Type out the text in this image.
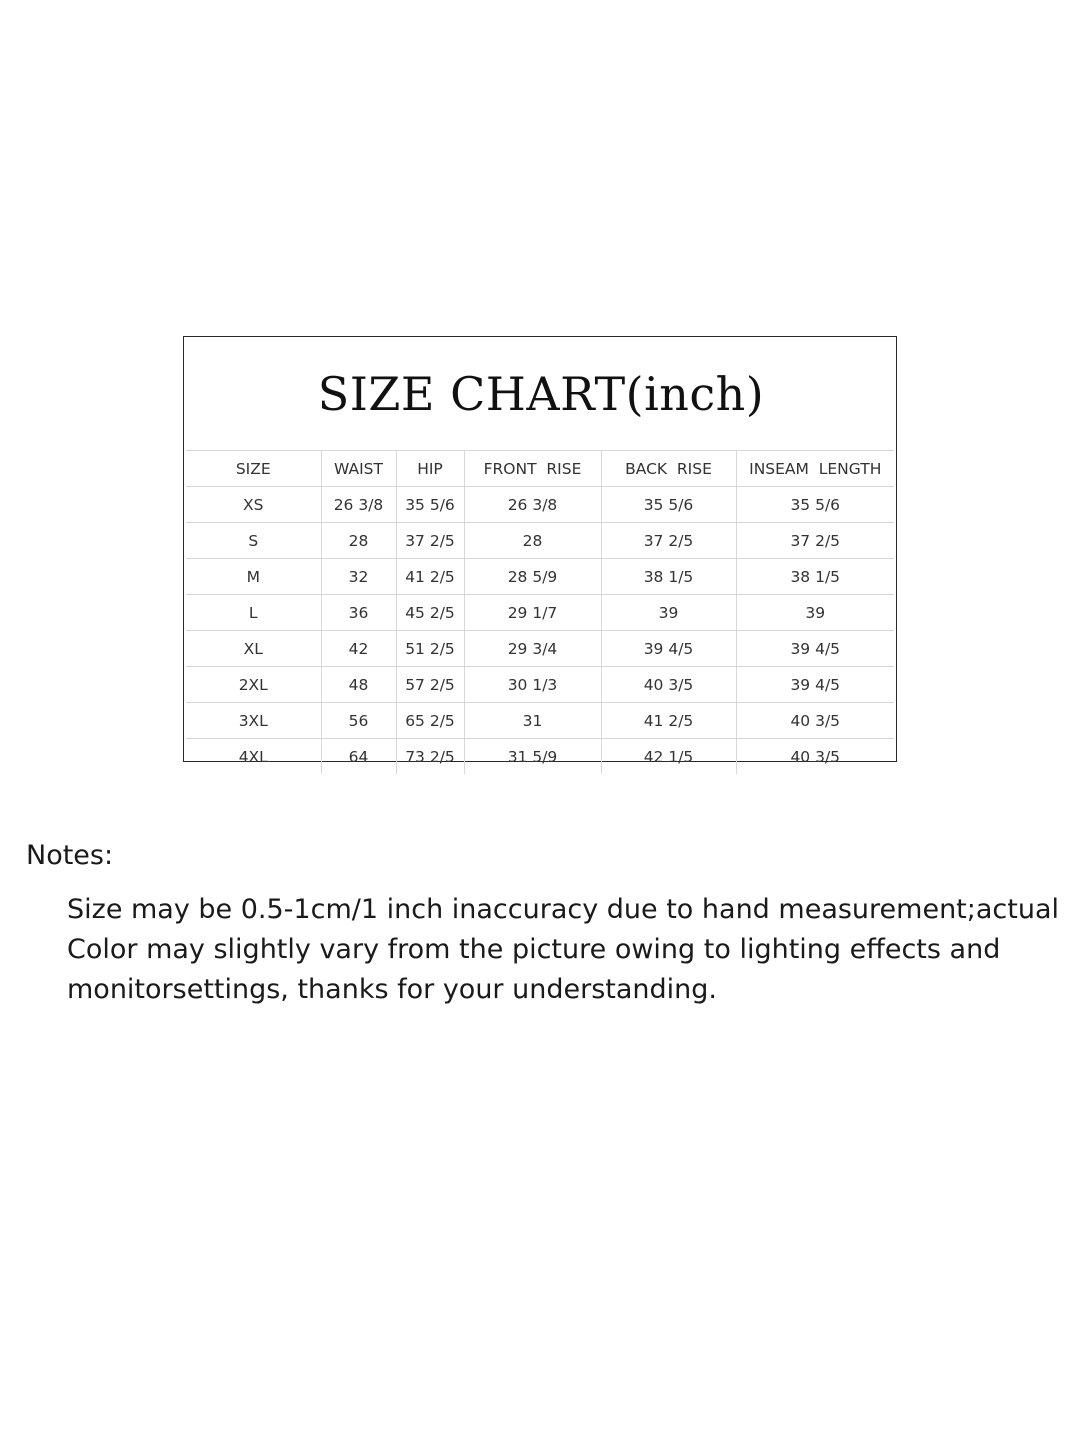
SIZE CHART(inch)
SIZE	WAIST	HIP	FRONT  RISE	BACK  RISE	INSEAM  LENGTH
XS	26 3/8	35 5/6	26 3/8	35 5/6	35 5/6
S	28	37 2/5	28	37 2/5	37 2/5
M	32	41 2/5	28 5/9	38 1/5	38 1/5
L	36	45 2/5	29 1/7	39	39
XL	42	51 2/5	29 3/4	39 4/5	39 4/5
2XL	48	57 2/5	30 1/3	40 3/5	39 4/5
3XL	56	65 2/5	31	41 2/5	40 3/5
4XL	64	73 2/5	31 5/9	42 1/5	40 3/5
Notes:
Size may be 0.5-1cm/1 inch inaccuracy due to hand measurement;actual
Color may slightly vary from the picture owing to lighting effects and
monitorsettings, thanks for your understanding.
